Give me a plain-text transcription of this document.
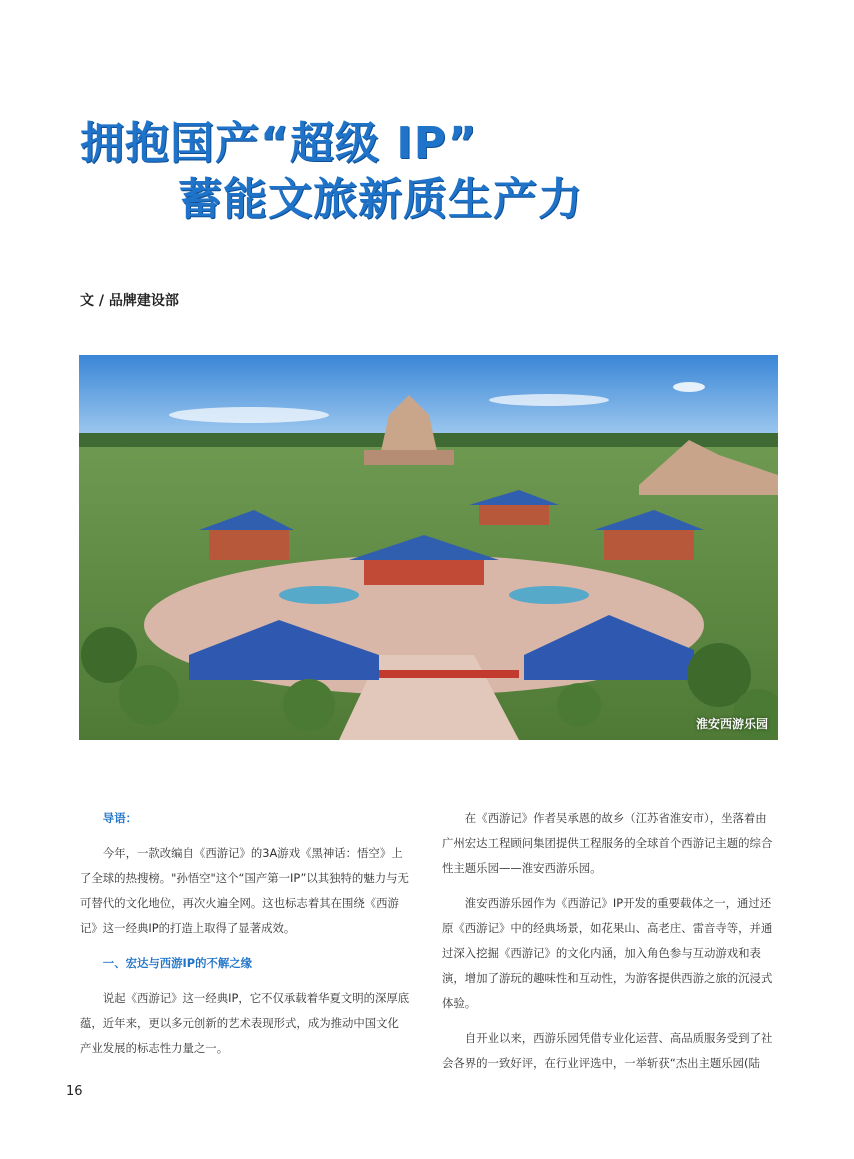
拥抱国产“超级 IP”
蓄能文旅新质生产力
文 / 品牌建设部
淮安西游乐园
导语：

今年，一款改编自《西游记》的3A游戏《黑神话：悟空》上了全球的热搜榜。"孙悟空"这个“国产第一IP”以其独特的魅力与无可替代的文化地位，再次火遍全网。这也标志着其在围绕《西游记》这一经典IP的打造上取得了显著成效。

一、宏达与西游IP的不解之缘

说起《西游记》这一经典IP，它不仅承载着华夏文明的深厚底蕴，近年来，更以多元创新的艺术表现形式，成为推动中国文化产业发展的标志性力量之一。

在《西游记》作者吴承恩的故乡（江苏省淮安市），坐落着由广州宏达工程顾问集团提供工程服务的全球首个西游记主题的综合性主题乐园——淮安西游乐园。

淮安西游乐园作为《西游记》IP开发的重要载体之一，通过还原《西游记》中的经典场景，如花果山、高老庄、雷音寺等，并通过深入挖掘《西游记》的文化内涵，加入角色参与互动游戏和表演，增加了游玩的趣味性和互动性，为游客提供西游之旅的沉浸式体验。

自开业以来，西游乐园凭借专业化运营、高品质服务受到了社会各界的一致好评，在行业评选中，一举斩获“杰出主题乐园(陆

16
